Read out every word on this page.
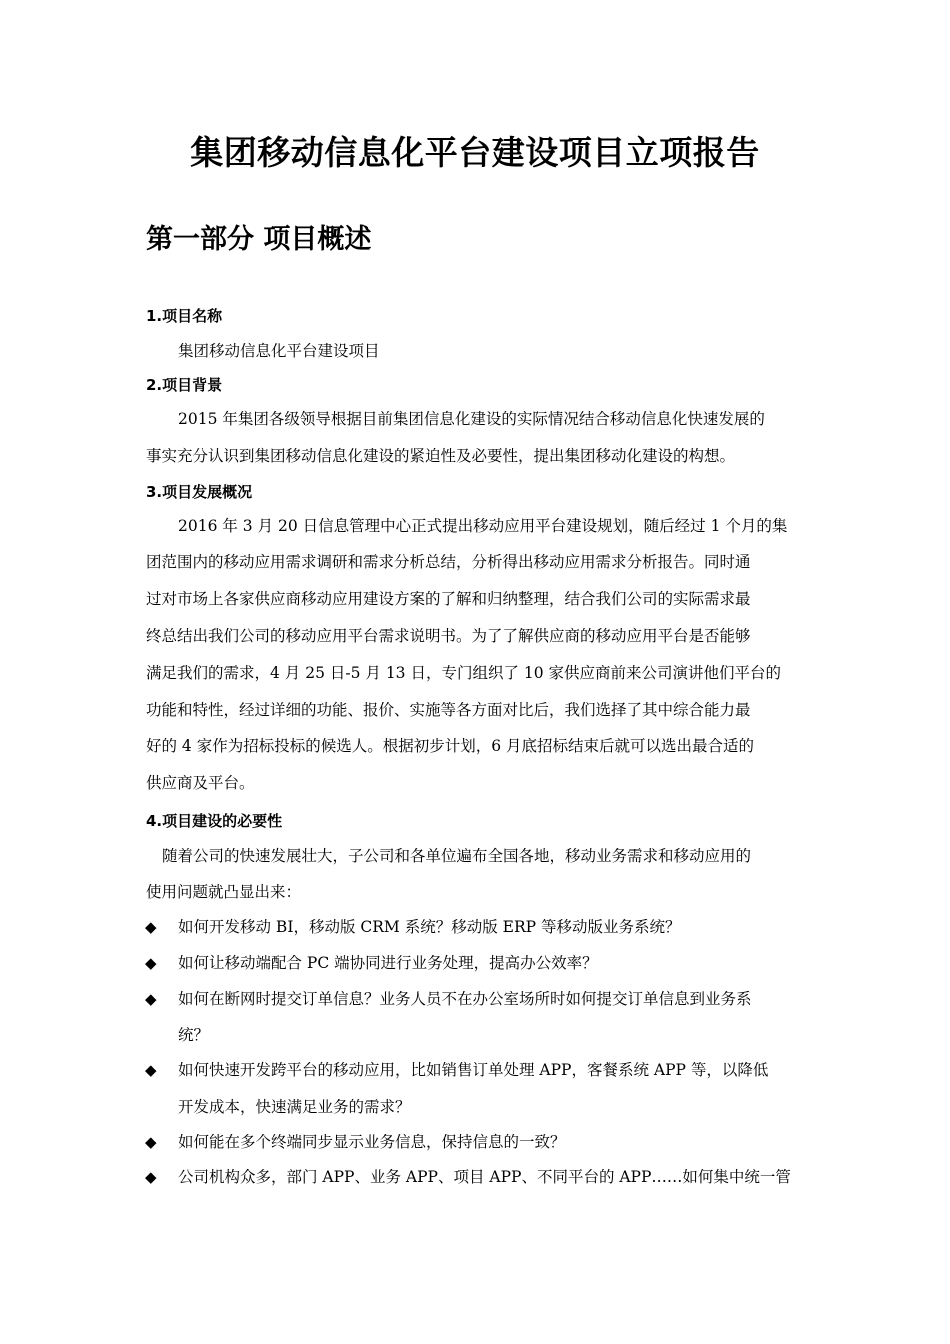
集团移动信息化平台建设项目立项报告
第一部分 项目概述
1.项目名称
集团移动信息化平台建设项目
2.项目背景
2015 年集团各级领导根据目前集团信息化建设的实际情况结合移动信息化快速发展的
事实充分认识到集团移动信息化建设的紧迫性及必要性，提出集团移动化建设的构想。
3.项目发展概况
2016 年 3 月 20 日信息管理中心正式提出移动应用平台建设规划，随后经过 1 个月的集
团范围内的移动应用需求调研和需求分析总结，分析得出移动应用需求分析报告。同时通
过对市场上各家供应商移动应用建设方案的了解和归纳整理，结合我们公司的实际需求最
终总结出我们公司的移动应用平台需求说明书。为了了解供应商的移动应用平台是否能够
满足我们的需求，4 月 25 日-5 月 13 日，专门组织了 10 家供应商前来公司演讲他们平台的
功能和特性，经过详细的功能、报价、实施等各方面对比后，我们选择了其中综合能力最
好的 4 家作为招标投标的候选人。根据初步计划，6 月底招标结束后就可以选出最合适的
供应商及平台。
4.项目建设的必要性
随着公司的快速发展壮大，子公司和各单位遍布全国各地，移动业务需求和移动应用的
使用问题就凸显出来：
◆ 如何开发移动 BI，移动版 CRM 系统？移动版 ERP 等移动版业务系统？
◆ 如何让移动端配合 PC 端协同进行业务处理，提高办公效率？
◆ 如何在断网时提交订单信息？业务人员不在办公室场所时如何提交订单信息到业务系
统？
◆ 如何快速开发跨平台的移动应用，比如销售订单处理 APP，客餐系统 APP 等，以降低
开发成本，快速满足业务的需求？
◆ 如何能在多个终端同步显示业务信息，保持信息的一致？
◆ 公司机构众多，部门 APP、业务 APP、项目 APP、不同平台的 APP……如何集中统一管
